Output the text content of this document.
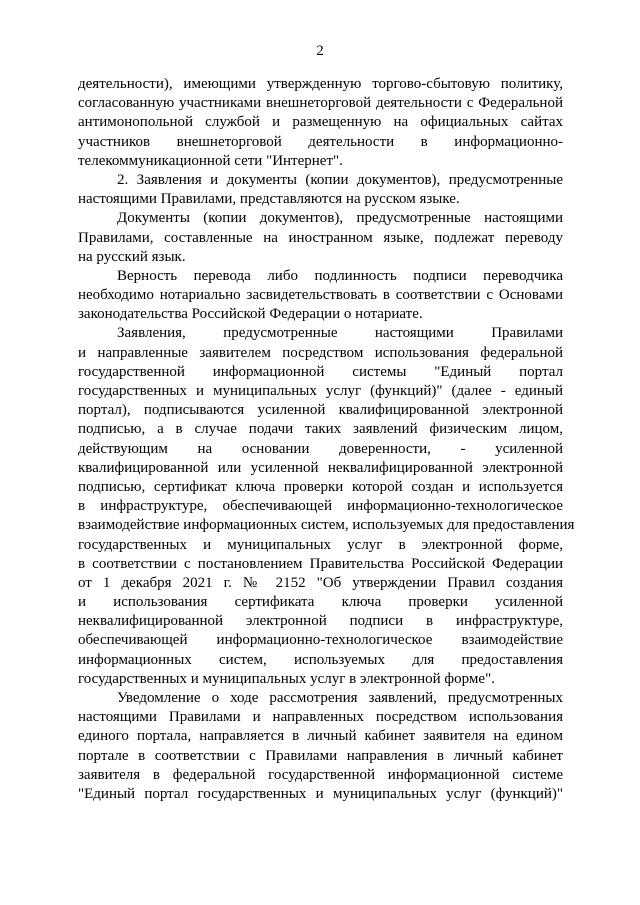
2
деятельности), имеющими утвержденную торгово-сбытовую политику,
согласованную участниками внешнеторговой деятельности с Федеральной
антимонопольной службой и размещенную на официальных сайтах
участников внешнеторговой деятельности в информационно-
телекоммуникационной сети "Интернет".
2. Заявления и документы (копии документов), предусмотренные
настоящими Правилами, представляются на русском языке.
Документы (копии документов), предусмотренные настоящими
Правилами, составленные на иностранном языке, подлежат переводу
на русский язык.
Верность перевода либо подлинность подписи переводчика
необходимо нотариально засвидетельствовать в соответствии с Основами
законодательства Российской Федерации о нотариате.
Заявления, предусмотренные настоящими Правилами
и направленные заявителем посредством использования федеральной
государственной информационной системы "Единый портал
государственных и муниципальных услуг (функций)" (далее - единый
портал), подписываются усиленной квалифицированной электронной
подписью, а в случае подачи таких заявлений физическим лицом,
действующим на основании доверенности, - усиленной
квалифицированной или усиленной неквалифицированной электронной
подписью, сертификат ключа проверки которой создан и используется
в инфраструктуре, обеспечивающей информационно-технологическое
взаимодействие информационных систем, используемых для предоставления
государственных и муниципальных услуг в электронной форме,
в соответствии с постановлением Правительства Российской Федерации
от 1 декабря 2021 г. № 2152 "Об утверждении Правил создания
и использования сертификата ключа проверки усиленной
неквалифицированной электронной подписи в инфраструктуре,
обеспечивающей информационно-технологическое взаимодействие
информационных систем, используемых для предоставления
государственных и муниципальных услуг в электронной форме".
Уведомление о ходе рассмотрения заявлений, предусмотренных
настоящими Правилами и направленных посредством использования
единого портала, направляется в личный кабинет заявителя на едином
портале в соответствии с Правилами направления в личный кабинет
заявителя в федеральной государственной информационной системе
"Единый портал государственных и муниципальных услуг (функций)"
